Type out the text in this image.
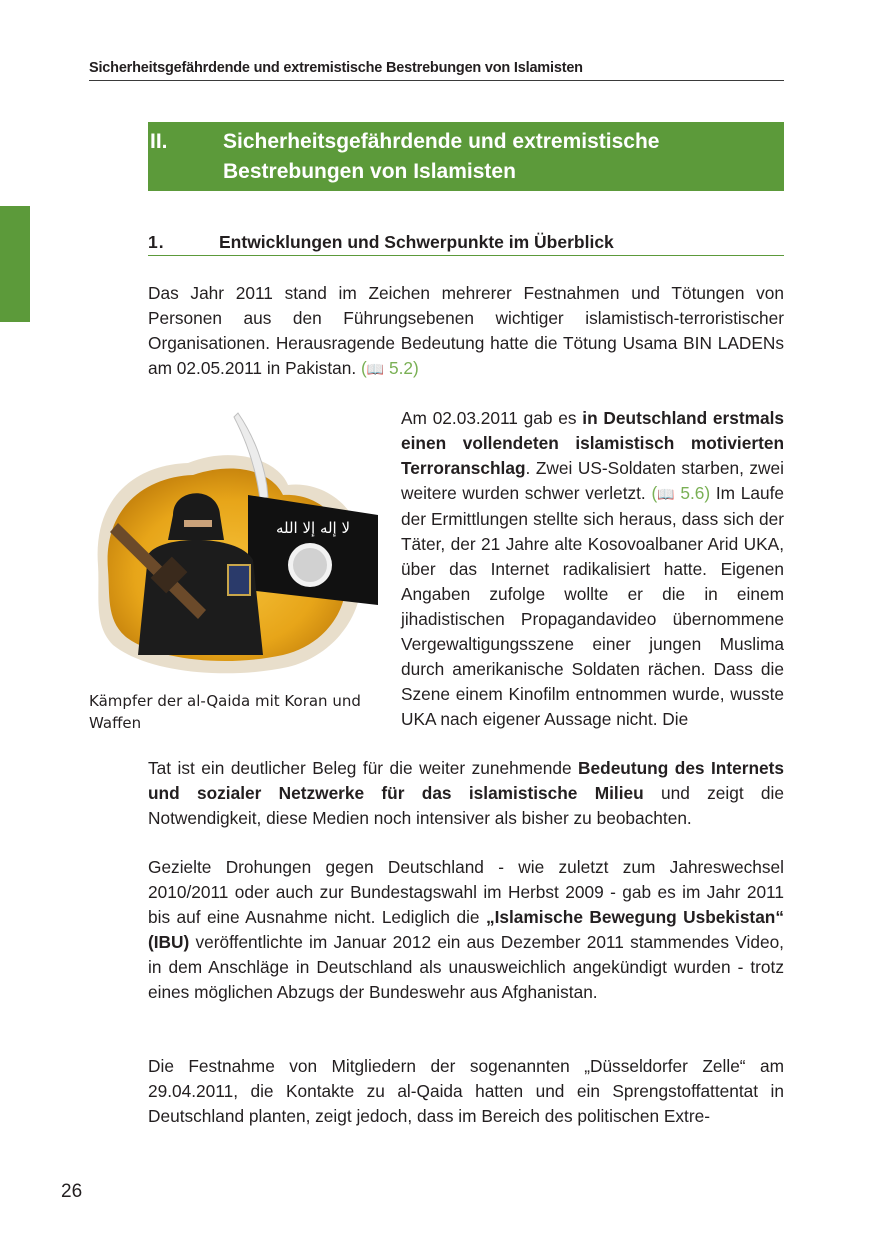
Sicherheitsgefährdende und extremistische Bestrebungen von Islamisten
II.	Sicherheitsgefährdende und extremistische
Bestrebungen von Islamisten
1.	Entwicklungen und Schwerpunkte im Überblick

Das Jahr 2011 stand im Zeichen mehrerer Festnahmen und Tötungen von Personen aus den Führungsebenen wichtiger islamistisch-terroristischer Organisationen. Herausragende Bedeutung hatte die Tötung Usama BIN LADENs am 02.05.2011 in Pakistan. (📖 5.2)

لا إله إلا الله
Kämpfer der al-Qaida mit Koran und Waffen

Am 02.03.2011 gab es in Deutschland erstmals einen vollendeten islamistisch motivierten Terroranschlag. Zwei US-Soldaten starben, zwei weitere wurden schwer verletzt. (📖 5.6) Im Laufe der Ermittlungen stellte sich heraus, dass sich der Täter, der 21 Jahre alte Kosovoalbaner Arid UKA, über das Internet radikalisiert hatte. Eigenen Angaben zufolge wollte er die in einem jihadistischen Propagandavideo übernommene Vergewaltigungsszene einer jungen Muslima durch amerikanische Soldaten rächen. Dass die Szene einem Kinofilm entnommen wurde, wusste UKA nach eigener Aussage nicht. Die

Tat ist ein deutlicher Beleg für die weiter zunehmende Bedeutung des Internets und sozialer Netzwerke für das islamistische Milieu und zeigt die Notwendigkeit, diese Medien noch intensiver als bisher zu beobachten.

Gezielte Drohungen gegen Deutschland - wie zuletzt zum Jahreswechsel 2010/2011 oder auch zur Bundestagswahl im Herbst 2009 - gab es im Jahr 2011 bis auf eine Ausnahme nicht. Lediglich die „Islamische Bewegung Usbekistan“ (IBU) veröffentlichte im Januar 2012 ein aus Dezember 2011 stammendes Video, in dem Anschläge in Deutschland als unausweichlich angekündigt wurden - trotz eines möglichen Abzugs der Bundeswehr aus Afghanistan.

Die Festnahme von Mitgliedern der sogenannten „Düsseldorfer Zelle“ am 29.04.2011, die Kontakte zu al-Qaida hatten und ein Sprengstoffattentat in Deutschland planten, zeigt jedoch, dass im Bereich des politischen Extre-

26
